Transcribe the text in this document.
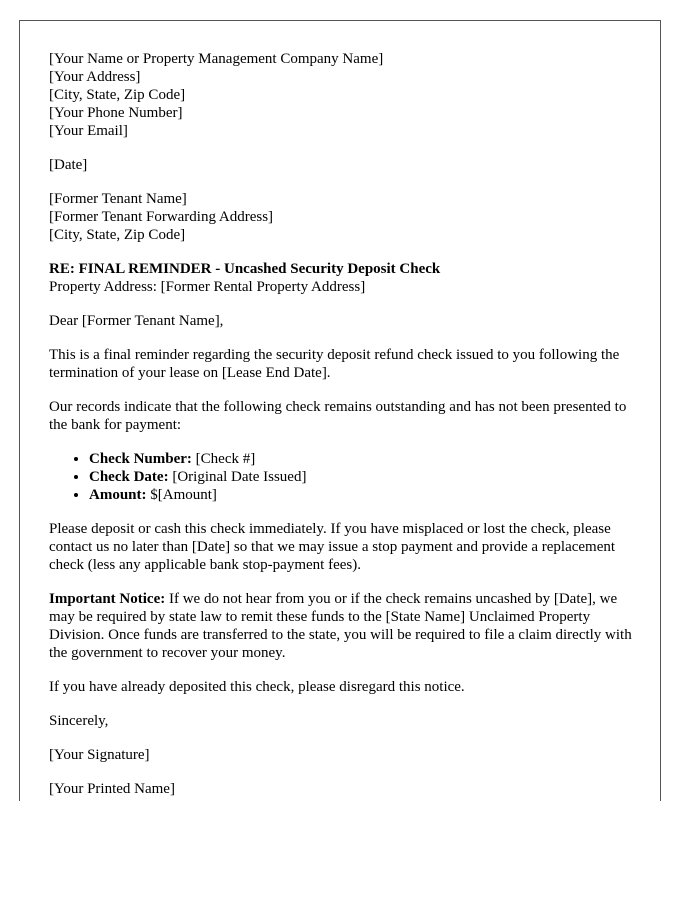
[Your Name or Property Management Company Name]
[Your Address]
[City, State, Zip Code]
[Your Phone Number]
[Your Email]
[Date]
[Former Tenant Name]
[Former Tenant Forwarding Address]
[City, State, Zip Code]
RE: FINAL REMINDER - Uncashed Security Deposit Check
Property Address: [Former Rental Property Address]

Dear [Former Tenant Name],

This is a final reminder regarding the security deposit refund check issued to you following the termination of your lease on [Lease End Date].

Our records indicate that the following check remains outstanding and has not been presented to the bank for payment:

• Check Number: [Check #]
• Check Date: [Original Date Issued]
• Amount: $[Amount]

Please deposit or cash this check immediately. If you have misplaced or lost the check, please contact us no later than [Date] so that we may issue a stop payment and provide a replacement check (less any applicable bank stop-payment fees).

Important Notice: If we do not hear from you or if the check remains uncashed by [Date], we may be required by state law to remit these funds to the [State Name] Unclaimed Property Division. Once funds are transferred to the state, you will be required to file a claim directly with the government to recover your money.

If you have already deposited this check, please disregard this notice.

Sincerely,

[Your Signature]

[Your Printed Name]
